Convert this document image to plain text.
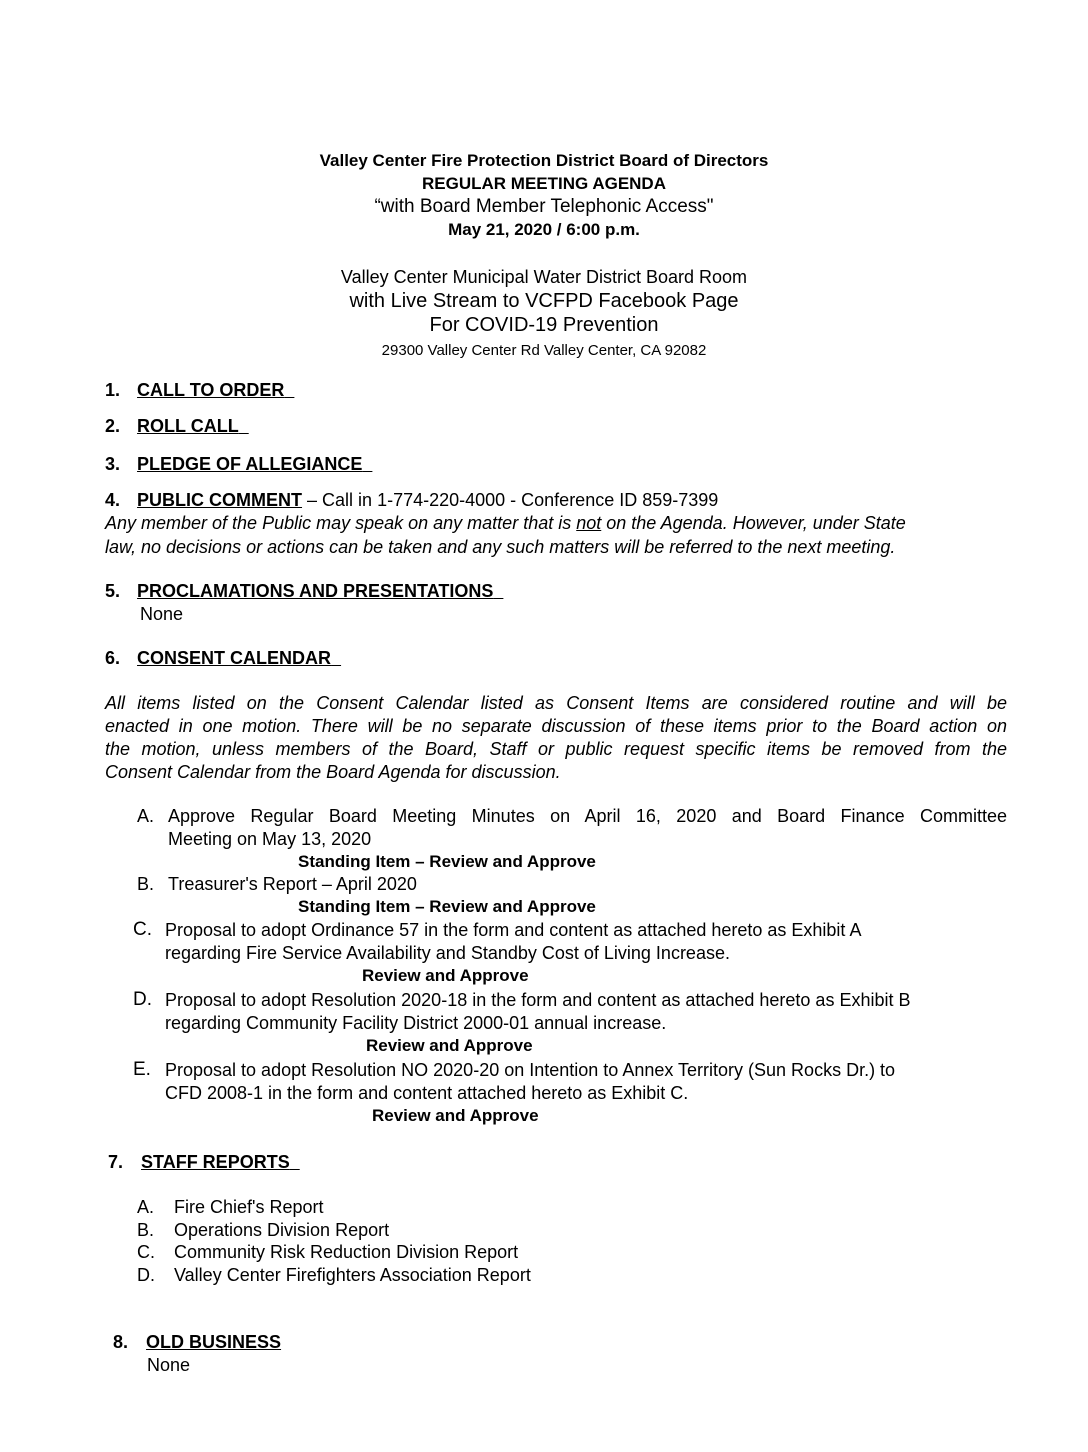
Valley Center Fire Protection District Board of Directors
REGULAR MEETING AGENDA
“with Board Member Telephonic Access"
May 21, 2020 / 6:00 p.m.
Valley Center Municipal Water District Board Room
with Live Stream to VCFPD Facebook Page
For COVID-19 Prevention
29300 Valley Center Rd Valley Center, CA 92082
1. CALL TO ORDER
2. ROLL CALL
3. PLEDGE OF ALLEGIANCE
4. PUBLIC COMMENT – Call in 1-774-220-4000 - Conference ID 859-7399
Any member of the Public may speak on any matter that is not on the Agenda. However, under State
law, no decisions or actions can be taken and any such matters will be referred to the next meeting.
5. PROCLAMATIONS AND PRESENTATIONS
None
6. CONSENT CALENDAR
All items listed on the Consent Calendar listed as Consent Items are considered routine and will be
enacted in one motion. There will be no separate discussion of these items prior to the Board action on
the motion, unless members of the Board, Staff or public request specific items be removed from the
Consent Calendar from the Board Agenda for discussion.
A. Approve Regular Board Meeting Minutes on April 16, 2020 and Board Finance Committee
Meeting on May 13, 2020
Standing Item – Review and Approve
B. Treasurer's Report – April 2020
Standing Item – Review and Approve
C. Proposal to adopt Ordinance 57 in the form and content as attached hereto as Exhibit A
regarding Fire Service Availability and Standby Cost of Living Increase.
Review and Approve
D. Proposal to adopt Resolution 2020-18 in the form and content as attached hereto as Exhibit B
regarding Community Facility District 2000-01 annual increase.
Review and Approve
E. Proposal to adopt Resolution NO 2020-20 on Intention to Annex Territory (Sun Rocks Dr.) to
CFD 2008-1 in the form and content attached hereto as Exhibit C.
Review and Approve
7. STAFF REPORTS
A. Fire Chief's Report
B. Operations Division Report
C. Community Risk Reduction Division Report
D. Valley Center Firefighters Association Report
8. OLD BUSINESS
None
